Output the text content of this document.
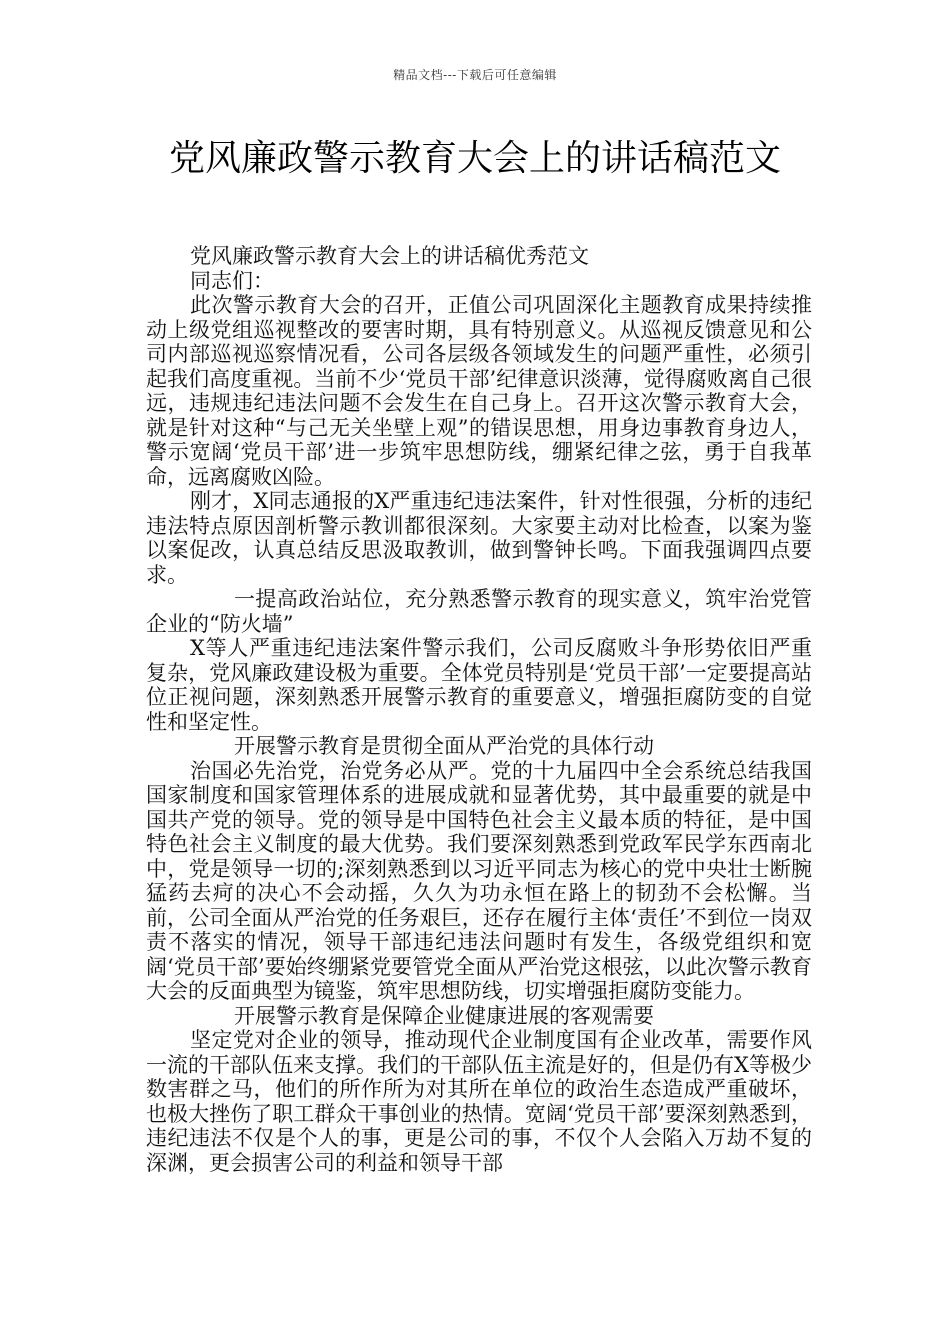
精品文档---下载后可任意编辑
党风廉政警示教育大会上的讲话稿范文

党风廉政警示教育大会上的讲话稿优秀范文

同志们：

此次警示教育大会的召开，正值公司巩固深化主题教育成果持续推动上级党组巡视整改的要害时期，具有特别意义。从巡视反馈意见和公司内部巡视巡察情况看，公司各层级各领域发生的问题严重性，必须引起我们高度重视。当前不少‘党员干部’纪律意识淡薄，觉得腐败离自己很远，违规违纪违法问题不会发生在自己身上。召开这次警示教育大会，就是针对这种“与己无关坐壁上观”的错误思想，用身边事教育身边人，警示宽阔‘党员干部’进一步筑牢思想防线，绷紧纪律之弦，勇于自我革命，远离腐败凶险。

刚才，X同志通报的X严重违纪违法案件，针对性很强，分析的违纪违法特点原因剖析警示教训都很深刻。大家要主动对比检查，以案为鉴以案促改，认真总结反思汲取教训，做到警钟长鸣。下面我强调四点要求。

一提高政治站位，充分熟悉警示教育的现实意义，筑牢治党管企业的“防火墙”

X等人严重违纪违法案件警示我们，公司反腐败斗争形势依旧严重复杂，党风廉政建设极为重要。全体党员特别是‘党员干部’一定要提高站位正视问题，深刻熟悉开展警示教育的重要意义，增强拒腐防变的自觉性和坚定性。

开展警示教育是贯彻全面从严治党的具体行动

治国必先治党，治党务必从严。党的十九届四中全会系统总结我国国家制度和国家管理体系的进展成就和显著优势，其中最重要的就是中国共产党的领导。党的领导是中国特色社会主义最本质的特征，是中国特色社会主义制度的最大优势。我们要深刻熟悉到党政军民学东西南北中，党是领导一切的;深刻熟悉到以习近平同志为核心的党中央壮士断腕猛药去疴的决心不会动摇，久久为功永恒在路上的韧劲不会松懈。当前，公司全面从严治党的任务艰巨，还存在履行主体‘责任’不到位一岗双责不落实的情况，领导干部违纪违法问题时有发生，各级党组织和宽阔‘党员干部’要始终绷紧党要管党全面从严治党这根弦，以此次警示教育大会的反面典型为镜鉴，筑牢思想防线，切实增强拒腐防变能力。

开展警示教育是保障企业健康进展的客观需要

坚定党对企业的领导，推动现代企业制度国有企业改革，需要作风一流的干部队伍来支撑。我们的干部队伍主流是好的，但是仍有X等极少数害群之马，他们的所作所为对其所在单位的政治生态造成严重破坏，也极大挫伤了职工群众干事创业的热情。宽阔‘党员干部’要深刻熟悉到，违纪违法不仅是个人的事，更是公司的事，不仅个人会陷入万劫不复的深渊，更会损害公司的利益和领导干部
